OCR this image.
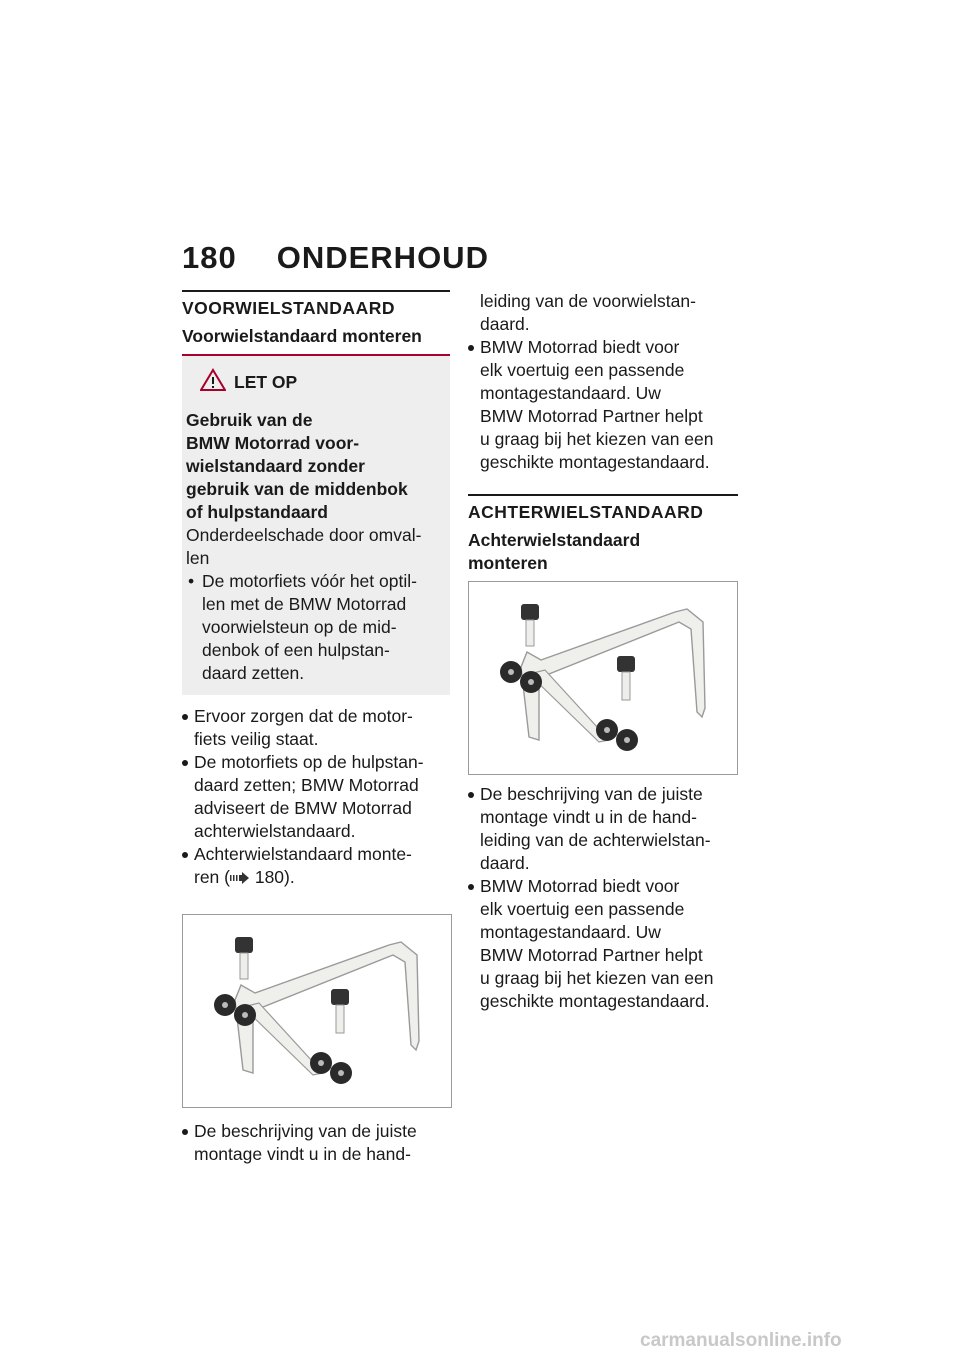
180 ONDERHOUD
VOORWIELSTANDAARD
Voorwielstandaard monteren
LET OP
Gebruik van de
BMW Motorrad voor-
wielstandaard zonder
gebruik van de middenbok
of hulpstandaard
Onderdeelschade door omval-
len
• De motorfiets vóór het optil-
len met de BMW Motorrad
voorwielsteun op de mid-
denbok of een hulpstan-
daard zetten.
Ervoor zorgen dat de motor-
fiets veilig staat.
De motorfiets op de hulpstan-
daard zetten; BMW Motorrad
adviseert de BMW Motorrad
achterwielstandaard.
Achterwielstandaard monte-
ren ( 180).
De beschrijving van de juiste
montage vindt u in de hand-
leiding van de voorwielstan-
daard.
BMW Motorrad biedt voor
elk voertuig een passende
montagestandaard. Uw
BMW Motorrad Partner helpt
u graag bij het kiezen van een
geschikte montagestandaard.
ACHTERWIELSTANDAARD
Achterwielstandaard
monteren
De beschrijving van de juiste
montage vindt u in de hand-
leiding van de achterwielstan-
daard.
BMW Motorrad biedt voor
elk voertuig een passende
montagestandaard. Uw
BMW Motorrad Partner helpt
u graag bij het kiezen van een
geschikte montagestandaard.
carmanualsonline.info
